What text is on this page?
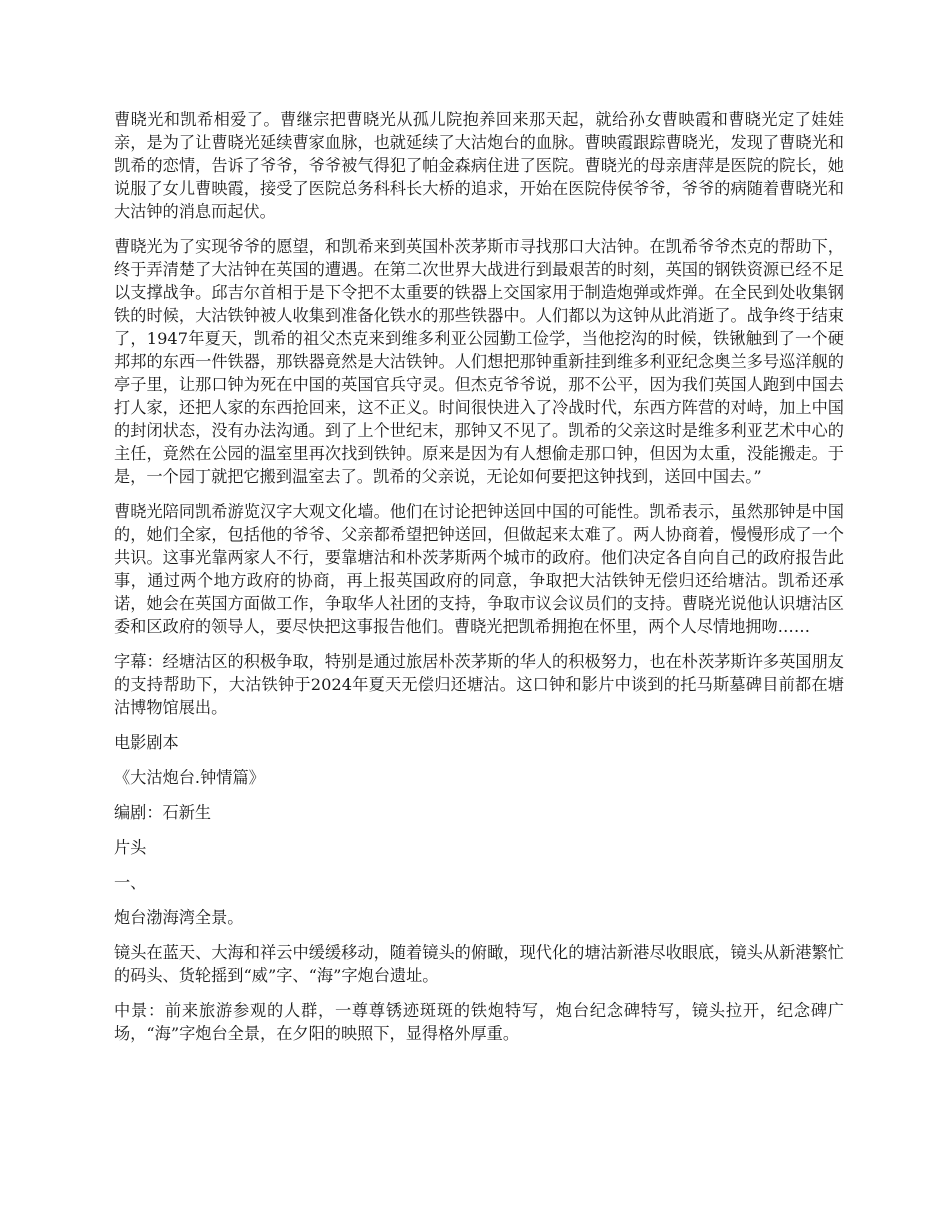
曹晓光和凯希相爱了。曹继宗把曹晓光从孤儿院抱养回来那天起，就给孙女曹映霞和曹晓光定了娃娃亲，是为了让曹晓光延续曹家血脉，也就延续了大沽炮台的血脉。曹映霞跟踪曹晓光，发现了曹晓光和凯希的恋情，告诉了爷爷，爷爷被气得犯了帕金森病住进了医院。曹晓光的母亲唐萍是医院的院长，她说服了女儿曹映霞，接受了医院总务科科长大桥的追求，开始在医院侍侯爷爷，爷爷的病随着曹晓光和大沽钟的消息而起伏。

曹晓光为了实现爷爷的愿望，和凯希来到英国朴茨茅斯市寻找那口大沽钟。在凯希爷爷杰克的帮助下，终于弄清楚了大沽钟在英国的遭遇。在第二次世界大战进行到最艰苦的时刻，英国的钢铁资源已经不足以支撑战争。邱吉尔首相于是下令把不太重要的铁器上交国家用于制造炮弹或炸弹。在全民到处收集钢铁的时候，大沽铁钟被人收集到准备化铁水的那些铁器中。人们都以为这钟从此消逝了。战争终于结束了，1947年夏天，凯希的祖父杰克来到维多利亚公园勤工俭学，当他挖沟的时候，铁锹触到了一个硬邦邦的东西一件铁器，那铁器竟然是大沽铁钟。人们想把那钟重新挂到维多利亚纪念奥兰多号巡洋舰的亭子里，让那口钟为死在中国的英国官兵守灵。但杰克爷爷说，那不公平，因为我们英国人跑到中国去打人家，还把人家的东西抢回来，这不正义。时间很快进入了冷战时代，东西方阵营的对峙，加上中国的封闭状态，没有办法沟通。到了上个世纪末，那钟又不见了。凯希的父亲这时是维多利亚艺术中心的主任，竟然在公园的温室里再次找到铁钟。原来是因为有人想偷走那口钟，但因为太重，没能搬走。于是，一个园丁就把它搬到温室去了。凯希的父亲说，无论如何要把这钟找到，送回中国去。”

曹晓光陪同凯希游览汉字大观文化墙。他们在讨论把钟送回中国的可能性。凯希表示，虽然那钟是中国的，她们全家，包括他的爷爷、父亲都希望把钟送回，但做起来太难了。两人协商着，慢慢形成了一个共识。这事光靠两家人不行，要靠塘沽和朴茨茅斯两个城市的政府。他们决定各自向自己的政府报告此事，通过两个地方政府的协商，再上报英国政府的同意，争取把大沽铁钟无偿归还给塘沽。凯希还承诺，她会在英国方面做工作，争取华人社团的支持，争取市议会议员们的支持。曹晓光说他认识塘沽区委和区政府的领导人，要尽快把这事报告他们。曹晓光把凯希拥抱在怀里，两个人尽情地拥吻……

字幕：经塘沽区的积极争取，特别是通过旅居朴茨茅斯的华人的积极努力，也在朴茨茅斯许多英国朋友的支持帮助下，大沽铁钟于2024年夏天无偿归还塘沽。这口钟和影片中谈到的托马斯墓碑目前都在塘沽博物馆展出。

电影剧本

《大沽炮台.钟情篇》

编剧：石新生

片头

一、

炮台渤海湾全景。

镜头在蓝天、大海和祥云中缓缓移动，随着镜头的俯瞰，现代化的塘沽新港尽收眼底，镜头从新港繁忙的码头、货轮摇到“威”字、“海”字炮台遗址。

中景：前来旅游参观的人群，一尊尊锈迹斑斑的铁炮特写，炮台纪念碑特写，镜头拉开，纪念碑广场，“海”字炮台全景，在夕阳的映照下，显得格外厚重。
